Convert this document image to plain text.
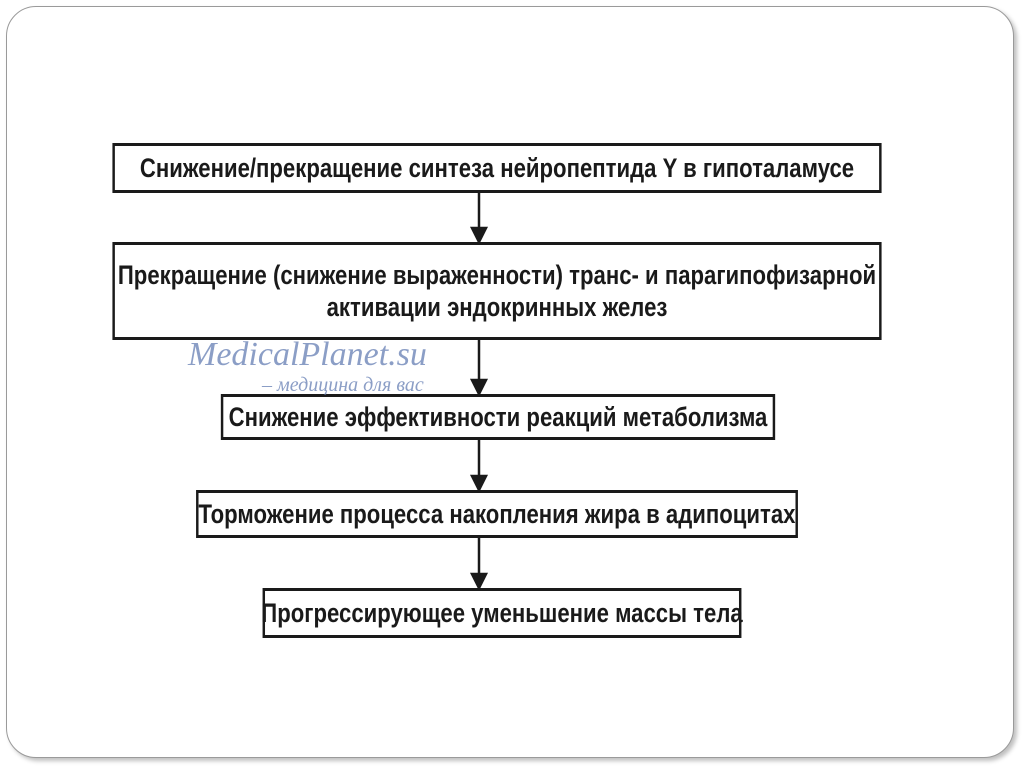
Снижение/прекращение синтеза нейропептида Y в гипоталамусе
Прекращение (снижение выраженности) транс- и парагипофизарной
активации эндокринных желез
Снижение эффективности реакций метаболизма
Торможение процесса накопления жира в адипоцитах
Прогрессирующее уменьшение массы тела
MedicalPlanet.su
– медицина для вас
